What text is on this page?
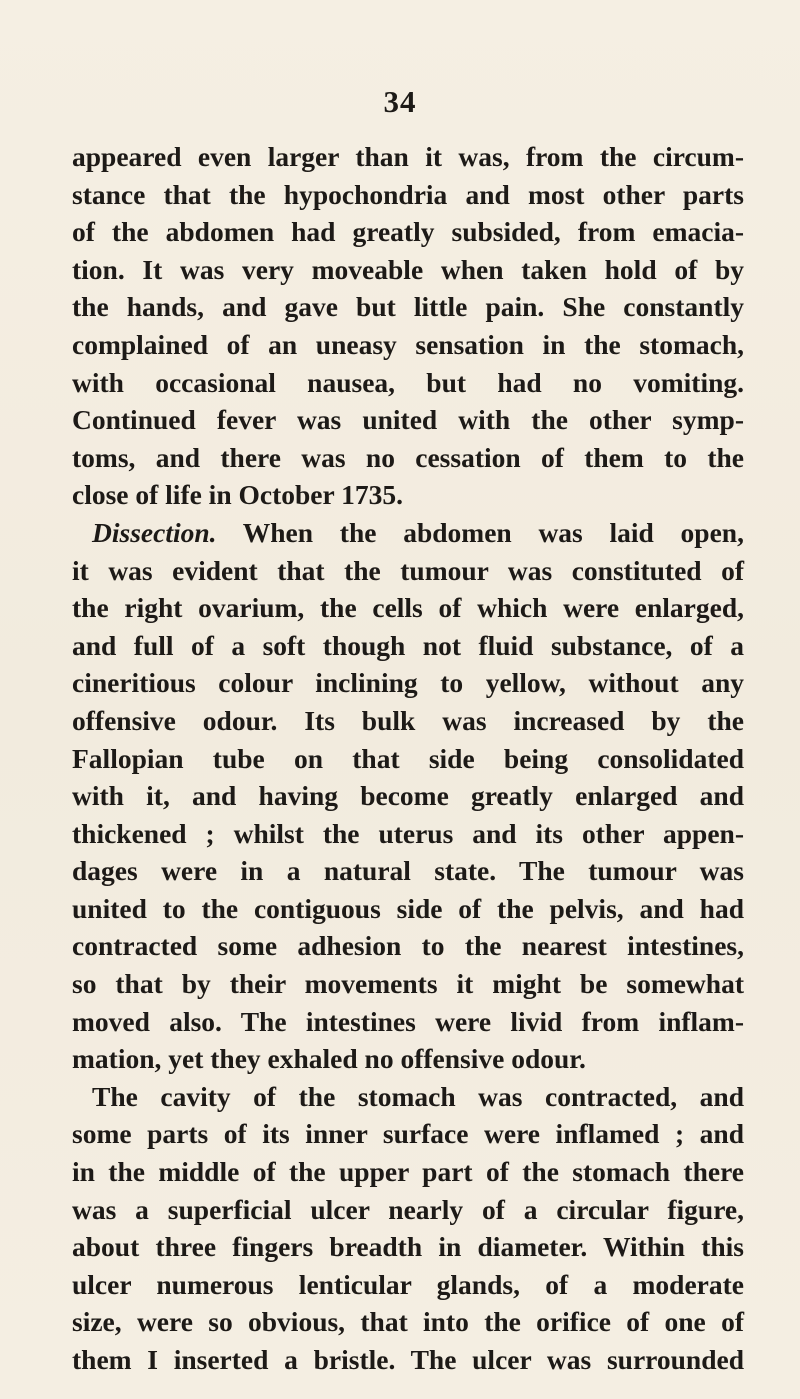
34
appeared even larger than it was, from the circum-
stance that the hypochondria and most other parts
of the abdomen had greatly subsided, from emacia-
tion. It was very moveable when taken hold of by
the hands, and gave but little pain. She constantly
complained of an uneasy sensation in the stomach,
with occasional nausea, but had no vomiting.
Continued fever was united with the other symp-
toms, and there was no cessation of them to the
close of life in October 1735.
Dissection. When the abdomen was laid open,
it was evident that the tumour was constituted of
the right ovarium, the cells of which were enlarged,
and full of a soft though not fluid substance, of a
cineritious colour inclining to yellow, without any
offensive odour. Its bulk was increased by the
Fallopian tube on that side being consolidated
with it, and having become greatly enlarged and
thickened ; whilst the uterus and its other appen-
dages were in a natural state. The tumour was
united to the contiguous side of the pelvis, and had
contracted some adhesion to the nearest intestines,
so that by their movements it might be somewhat
moved also. The intestines were livid from inflam-
mation, yet they exhaled no offensive odour.
The cavity of the stomach was contracted, and
some parts of its inner surface were inflamed ; and
in the middle of the upper part of the stomach there
was a superficial ulcer nearly of a circular figure,
about three fingers breadth in diameter. Within this
ulcer numerous lenticular glands, of a moderate
size, were so obvious, that into the orifice of one of
them I inserted a bristle. The ulcer was surrounded
